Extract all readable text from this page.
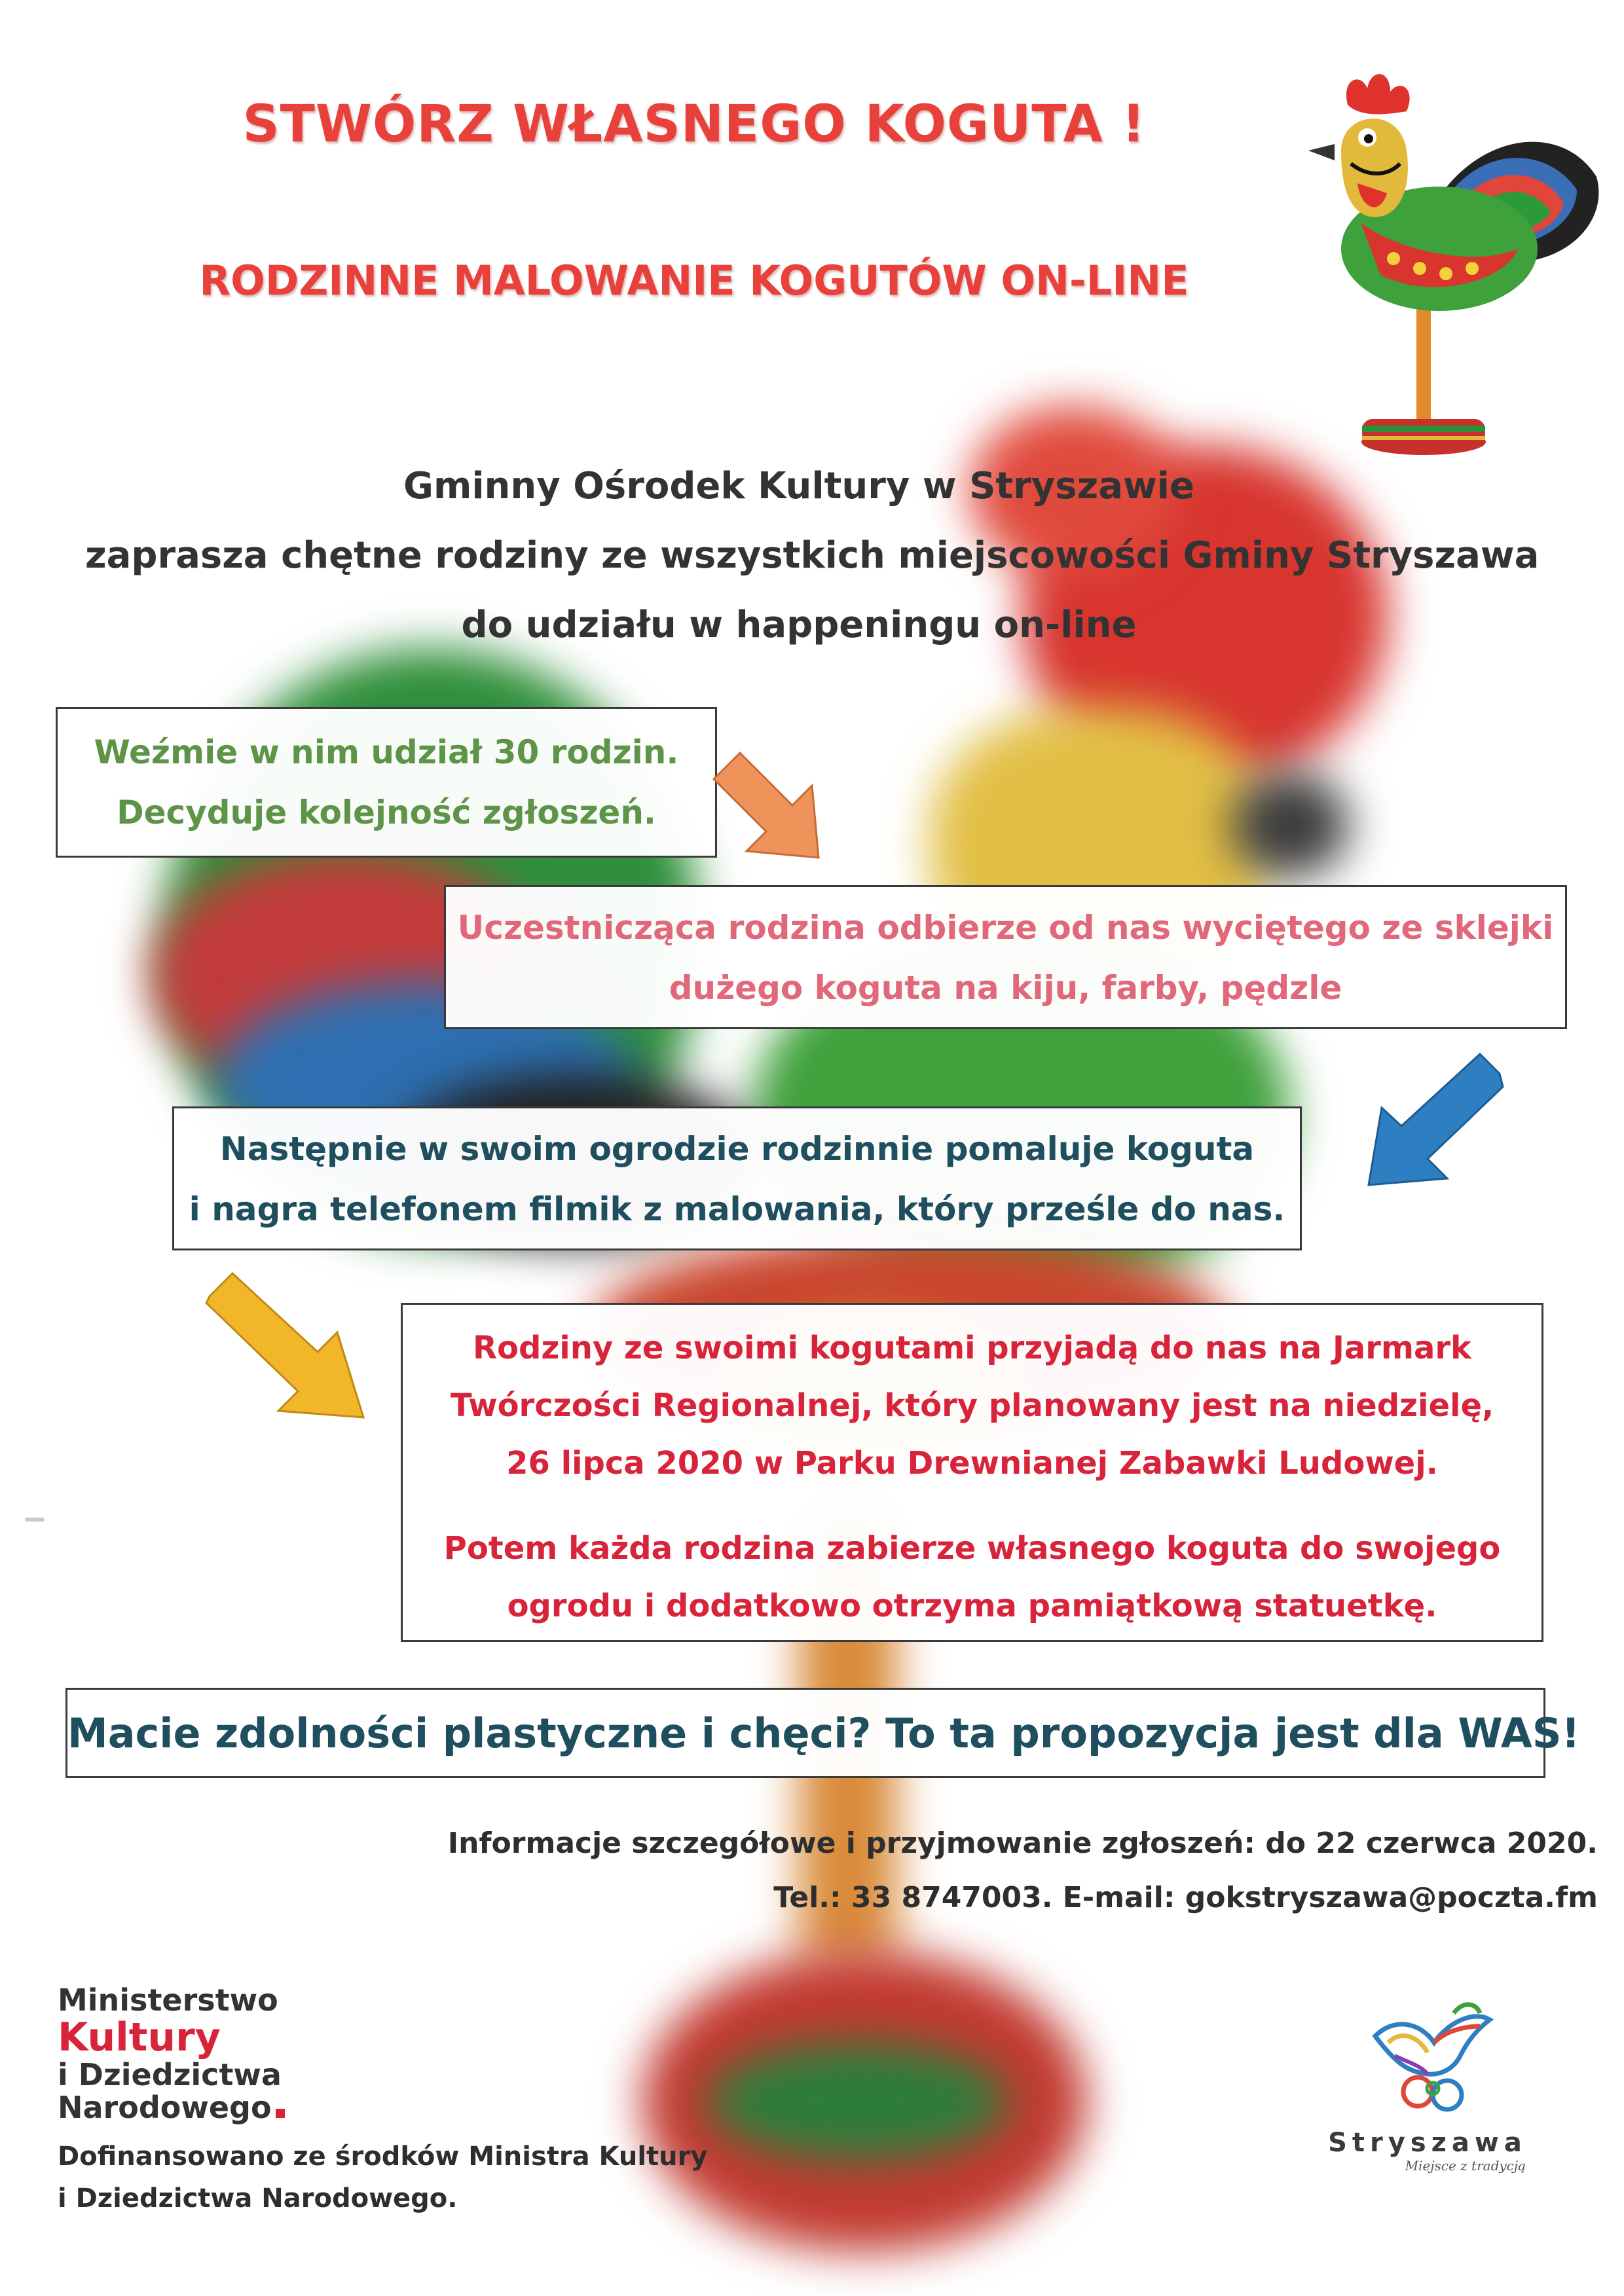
STWÓRZ WŁASNEGO KOGUTA !
RODZINNE MALOWANIE KOGUTÓW ON-LINE
Gminny Ośrodek Kultury w Stryszawie
zaprasza chętne rodziny ze wszystkich miejscowości Gminy Stryszawa
do udziału w happeningu on-line
Weźmie w nim udział 30 rodzin.
Decyduje kolejność zgłoszeń.
Uczestnicząca rodzina odbierze od nas wyciętego ze sklejki
dużego koguta na kiju, farby, pędzle
Następnie w swoim ogrodzie rodzinnie pomaluje koguta
i nagra telefonem filmik z malowania, który prześle do nas.
Rodziny ze swoimi kogutami przyjadą do nas na Jarmark
Twórczości Regionalnej, który planowany jest na niedzielę,
26 lipca 2020 w Parku Drewnianej Zabawki Ludowej.
Potem każda rodzina zabierze własnego koguta do swojego
ogrodu i dodatkowo otrzyma pamiątkową statuetkę.
Macie zdolności plastyczne i chęci? To ta propozycja jest dla WAS!
Informacje szczegółowe i przyjmowanie zgłoszeń: do 22 czerwca 2020.
Tel.: 33 8747003. E-mail: gokstryszawa@poczta.fm
Ministerstwo
Kultury
i Dziedzictwa
Narodowego
Dofinansowano ze środków Ministra Kultury
i Dziedzictwa Narodowego.
Stryszawa
Miejsce z tradycją
